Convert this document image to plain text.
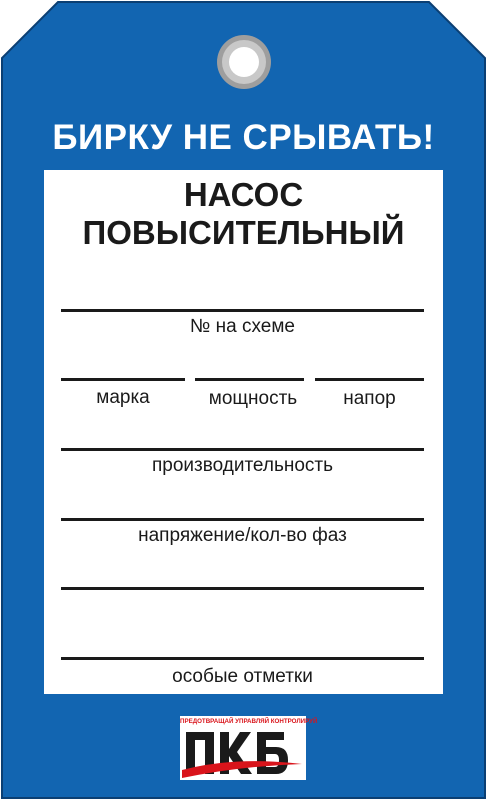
БИРКУ НЕ СРЫВАТЬ!
НАСОС
ПОВЫСИТЕЛЬНЫЙ
№ на схеме
марка	мощность	напор
производительность
напряжение/кол-во фаз
особые отметки
ПРЕДОТВРАЩАЙ УПРАВЛЯЙ КОНТРОЛИРУЙ
